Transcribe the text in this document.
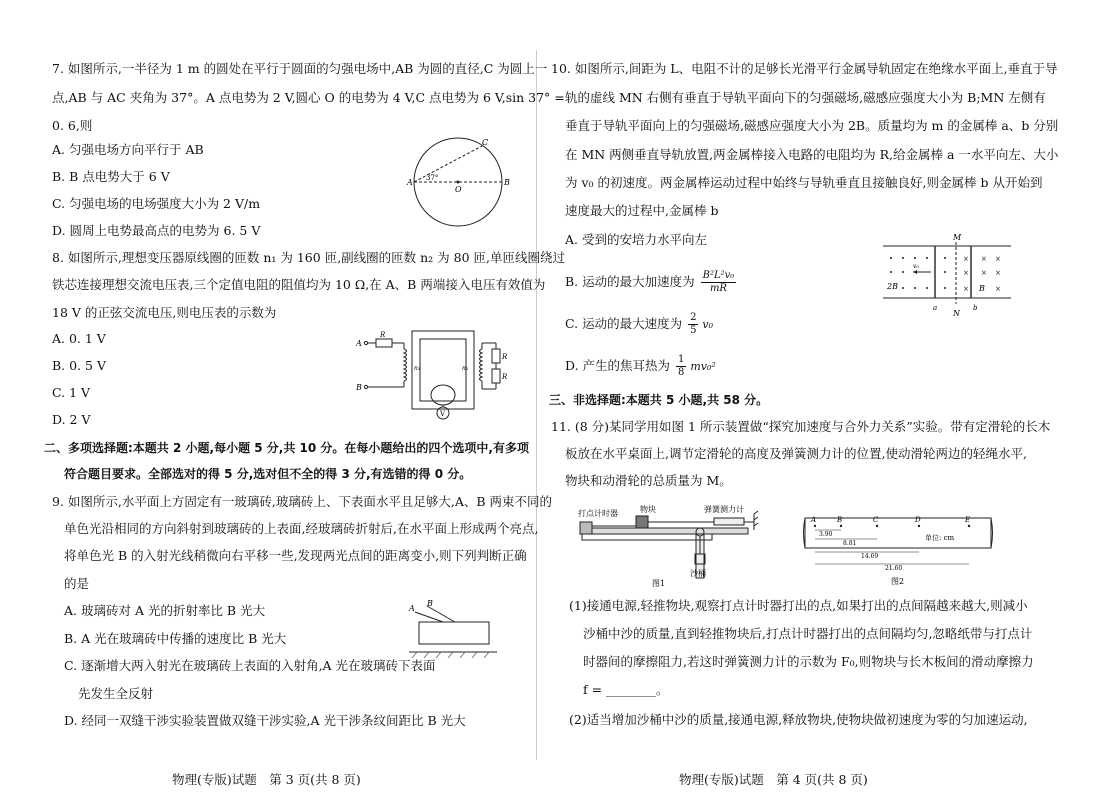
7. 如图所示,一半径为 1 m 的圆处在平行于圆面的匀强电场中,AB 为圆的直径,C 为圆上一
点,AB 与 AC 夹角为 37°。A 点电势为 2 V,圆心 O 的电势为 4 V,C 点电势为 6 V,sin 37° =
0. 6,则
A. 匀强电场方向平行于 AB
B. B 点电势大于 6 V
C. 匀强电场的电场强度大小为 2 V/m
D. 圆周上电势最高点的电势为 6. 5 V
A	B
C
O
37°
8. 如图所示,理想变压器原线圈的匝数 n₁ 为 160 匝,副线圈的匝数 n₂ 为 80 匝,单匝线圈绕过
铁芯连接理想交流电压表,三个定值电阻的阻值均为 10 Ω,在 A、B 两端接入电压有效值为
18 V 的正弦交流电压,则电压表的示数为
A. 0. 1 V
B. 0. 5 V
C. 1 V
D. 2 V
A
B
R
n₁	n₂
R
R
V
二、多项选择题:本题共 2 小题,每小题 5 分,共 10 分。在每小题给出的四个选项中,有多项
符合题目要求。全部选对的得 5 分,选对但不全的得 3 分,有选错的得 0 分。
9. 如图所示,水平面上方固定有一玻璃砖,玻璃砖上、下表面水平且足够大,A、B 两束不同的
单色光沿相同的方向斜射到玻璃砖的上表面,经玻璃砖折射后,在水平面上形成两个亮点,
将单色光 B 的入射光线稍微向右平移一些,发现两光点间的距离变小,则下列判断正确
的是
A. 玻璃砖对 A 光的折射率比 B 光大
B. A 光在玻璃砖中传播的速度比 B 光大
C. 逐渐增大两入射光在玻璃砖上表面的入射角,A 光在玻璃砖下表面
先发生全反射
D. 经同一双缝干涉实验装置做双缝干涉实验,A 光干涉条纹间距比 B 光大
A
B
物理(专版)试题　第 3 页(共 8 页)
10. 如图所示,间距为 L、电阻不计的足够长光滑平行金属导轨固定在绝缘水平面上,垂直于导
轨的虚线 MN 右侧有垂直于导轨平面向下的匀强磁场,磁感应强度大小为 B;MN 左侧有
垂直于导轨平面向上的匀强磁场,磁感应强度大小为 2B。质量均为 m 的金属棒 a、b 分别
在 MN 两侧垂直导轨放置,两金属棒接入电路的电阻均为 R,给金属棒 a 一水平向左、大小
为 v₀ 的初速度。两金属棒运动过程中始终与导轨垂直且接触良好,则金属棒 b 从开始到
速度最大的过程中,金属棒 b
A. 受到的安培力水平向左
B. 运动的最大加速度为 $\frac{\text{B²L²v₀}}{mR}$
C. 运动的最大速度为 $\frac{2}{5} v_0$
D. 产生的焦耳热为 $\frac{1}{8} mv_0^2$
M
N
a	b
× × ×
× × ×
×	×
v₀
2B	B
三、非选择题:本题共 5 小题,共 58 分。
11. (8 分)某同学用如图 1 所示装置做“探究加速度与合外力关系”实验。带有定滑轮的长木
板放在水平桌面上,调节定滑轮的高度及弹簧测力计的位置,使动滑轮两边的轻绳水平,
物块和动滑轮的总质量为 M。
打点计时器	物块	弹簧测力计
沙桶
图1
A	B	C	D	E
3.90
8.81
14.69
21.60
单位: cm
图2
(1)接通电源,轻推物块,观察打点计时器打出的点,如果打出的点间隔越来越大,则减小
沙桶中沙的质量,直到轻推物块后,打点计时器打出的点间隔均匀,忽略纸带与打点计
时器间的摩擦阻力,若这时弹簧测力计的示数为 F₀,则物块与长木板间的滑动摩擦力
f = ________。
(2)适当增加沙桶中沙的质量,接通电源,释放物块,使物块做初速度为零的匀加速运动,
物理(专版)试题　第 4 页(共 8 页)
